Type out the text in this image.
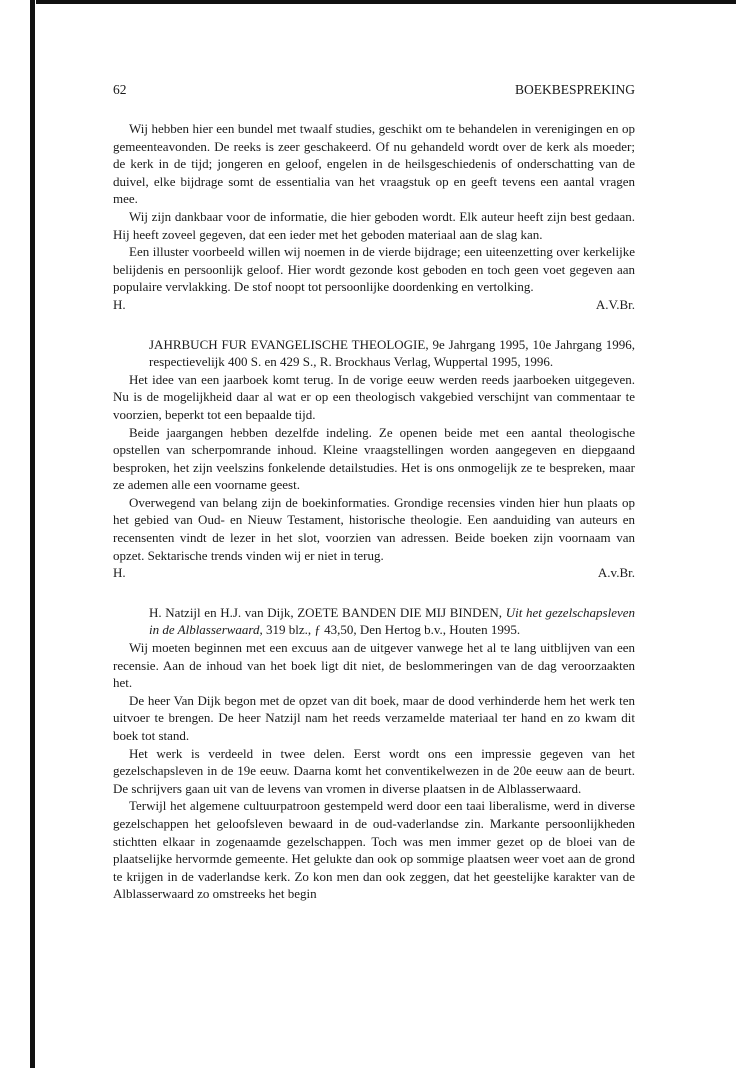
62	BOEKBESPREKING

Wij hebben hier een bundel met twaalf studies, geschikt om te behandelen in verenigingen en op gemeenteavonden. De reeks is zeer geschakeerd. Of nu gehandeld wordt over de kerk als moeder; de kerk in de tijd; jongeren en geloof, engelen in de heilsgeschiedenis of onderschatting van de duivel, elke bijdrage somt de essentialia van het vraagstuk op en geeft tevens een aantal vragen mee.

Wij zijn dankbaar voor de informatie, die hier geboden wordt. Elk auteur heeft zijn best gedaan. Hij heeft zoveel gegeven, dat een ieder met het geboden materiaal aan de slag kan.

Een illuster voorbeeld willen wij noemen in de vierde bijdrage; een uiteenzetting over kerkelijke belijdenis en persoonlijk geloof. Hier wordt gezonde kost geboden en toch geen voet gegeven aan populaire vervlakking. De stof noopt tot persoonlijke doordenking en vertolking.

H.	A.V.Br.
JAHRBUCH FUR EVANGELISCHE THEOLOGIE, 9e Jahrgang 1995, 10e Jahrgang 1996, respectievelijk 400 S. en 429 S., R. Brockhaus Verlag, Wuppertal 1995, 1996.

Het idee van een jaarboek komt terug. In de vorige eeuw werden reeds jaarboeken uitgegeven. Nu is de mogelijkheid daar al wat er op een theologisch vakgebied verschijnt van commentaar te voorzien, beperkt tot een bepaalde tijd.

Beide jaargangen hebben dezelfde indeling. Ze openen beide met een aantal theologische opstellen van scherpomrande inhoud. Kleine vraagstellingen worden aangegeven en diepgaand besproken, het zijn veelszins fonkelende detailstudies. Het is ons onmogelijk ze te bespreken, maar ze ademen alle een voorname geest.

Overwegend van belang zijn de boekinformaties. Grondige recensies vinden hier hun plaats op het gebied van Oud- en Nieuw Testament, historische theologie. Een aanduiding van auteurs en recensenten vindt de lezer in het slot, voorzien van adressen. Beide boeken zijn voornaam van opzet. Sektarische trends vinden wij er niet in terug.

H.	A.v.Br.
H. Natzijl en H.J. van Dijk, ZOETE BANDEN DIE MIJ BINDEN, Uit het gezelschapsleven in de Alblasserwaard, 319 blz., ƒ 43,50, Den Hertog b.v., Houten 1995.

Wij moeten beginnen met een excuus aan de uitgever vanwege het al te lang uitblijven van een recensie. Aan de inhoud van het boek ligt dit niet, de beslommeringen van de dag veroorzaakten het.

De heer Van Dijk begon met de opzet van dit boek, maar de dood verhinderde hem het werk ten uitvoer te brengen. De heer Natzijl nam het reeds verzamelde materiaal ter hand en zo kwam dit boek tot stand.

Het werk is verdeeld in twee delen. Eerst wordt ons een impressie gegeven van het gezelschapsleven in de 19e eeuw. Daarna komt het conventikelwezen in de 20e eeuw aan de beurt. De schrijvers gaan uit van de levens van vromen in diverse plaatsen in de Alblasserwaard.

Terwijl het algemene cultuurpatroon gestempeld werd door een taai liberalisme, werd in diverse gezelschappen het geloofsleven bewaard in de oud-vaderlandse zin. Markante persoonlijkheden stichtten elkaar in zogenaamde gezelschappen. Toch was men immer gezet op de bloei van de plaatselijke hervormde gemeente. Het gelukte dan ook op sommige plaatsen weer voet aan de grond te krijgen in de vaderlandse kerk. Zo kon men dan ook zeggen, dat het geestelijke karakter van de Alblasserwaard zo omstreeks het begin
